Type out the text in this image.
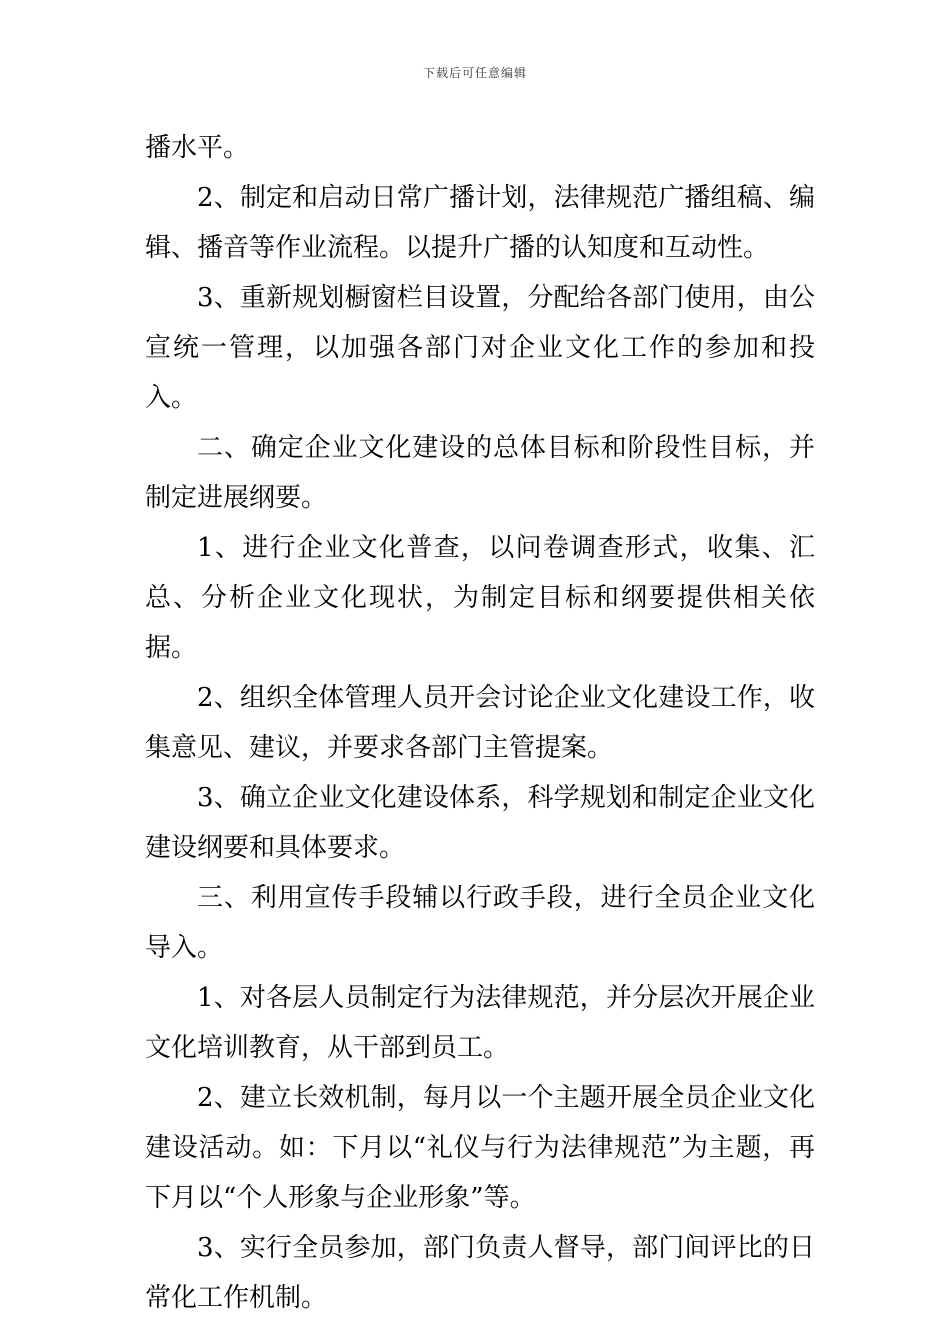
下载后可任意编辑

播水平。

2、制定和启动日常广播计划，法律规范广播组稿、编辑、播音等作业流程。以提升广播的认知度和互动性。

3、重新规划橱窗栏目设置，分配给各部门使用，由公宣统一管理，以加强各部门对企业文化工作的参加和投入。

二、确定企业文化建设的总体目标和阶段性目标，并制定进展纲要。

1、进行企业文化普查，以问卷调查形式，收集、汇总、分析企业文化现状，为制定目标和纲要提供相关依据。

2、组织全体管理人员开会讨论企业文化建设工作，收集意见、建议，并要求各部门主管提案。

3、确立企业文化建设体系，科学规划和制定企业文化建设纲要和具体要求。

三、利用宣传手段辅以行政手段，进行全员企业文化导入。

1、对各层人员制定行为法律规范，并分层次开展企业文化培训教育，从干部到员工。

2、建立长效机制，每月以一个主题开展全员企业文化建设活动。如：下月以“礼仪与行为法律规范”为主题，再下月以“个人形象与企业形象”等。

3、实行全员参加，部门负责人督导，部门间评比的日常化工作机制。
